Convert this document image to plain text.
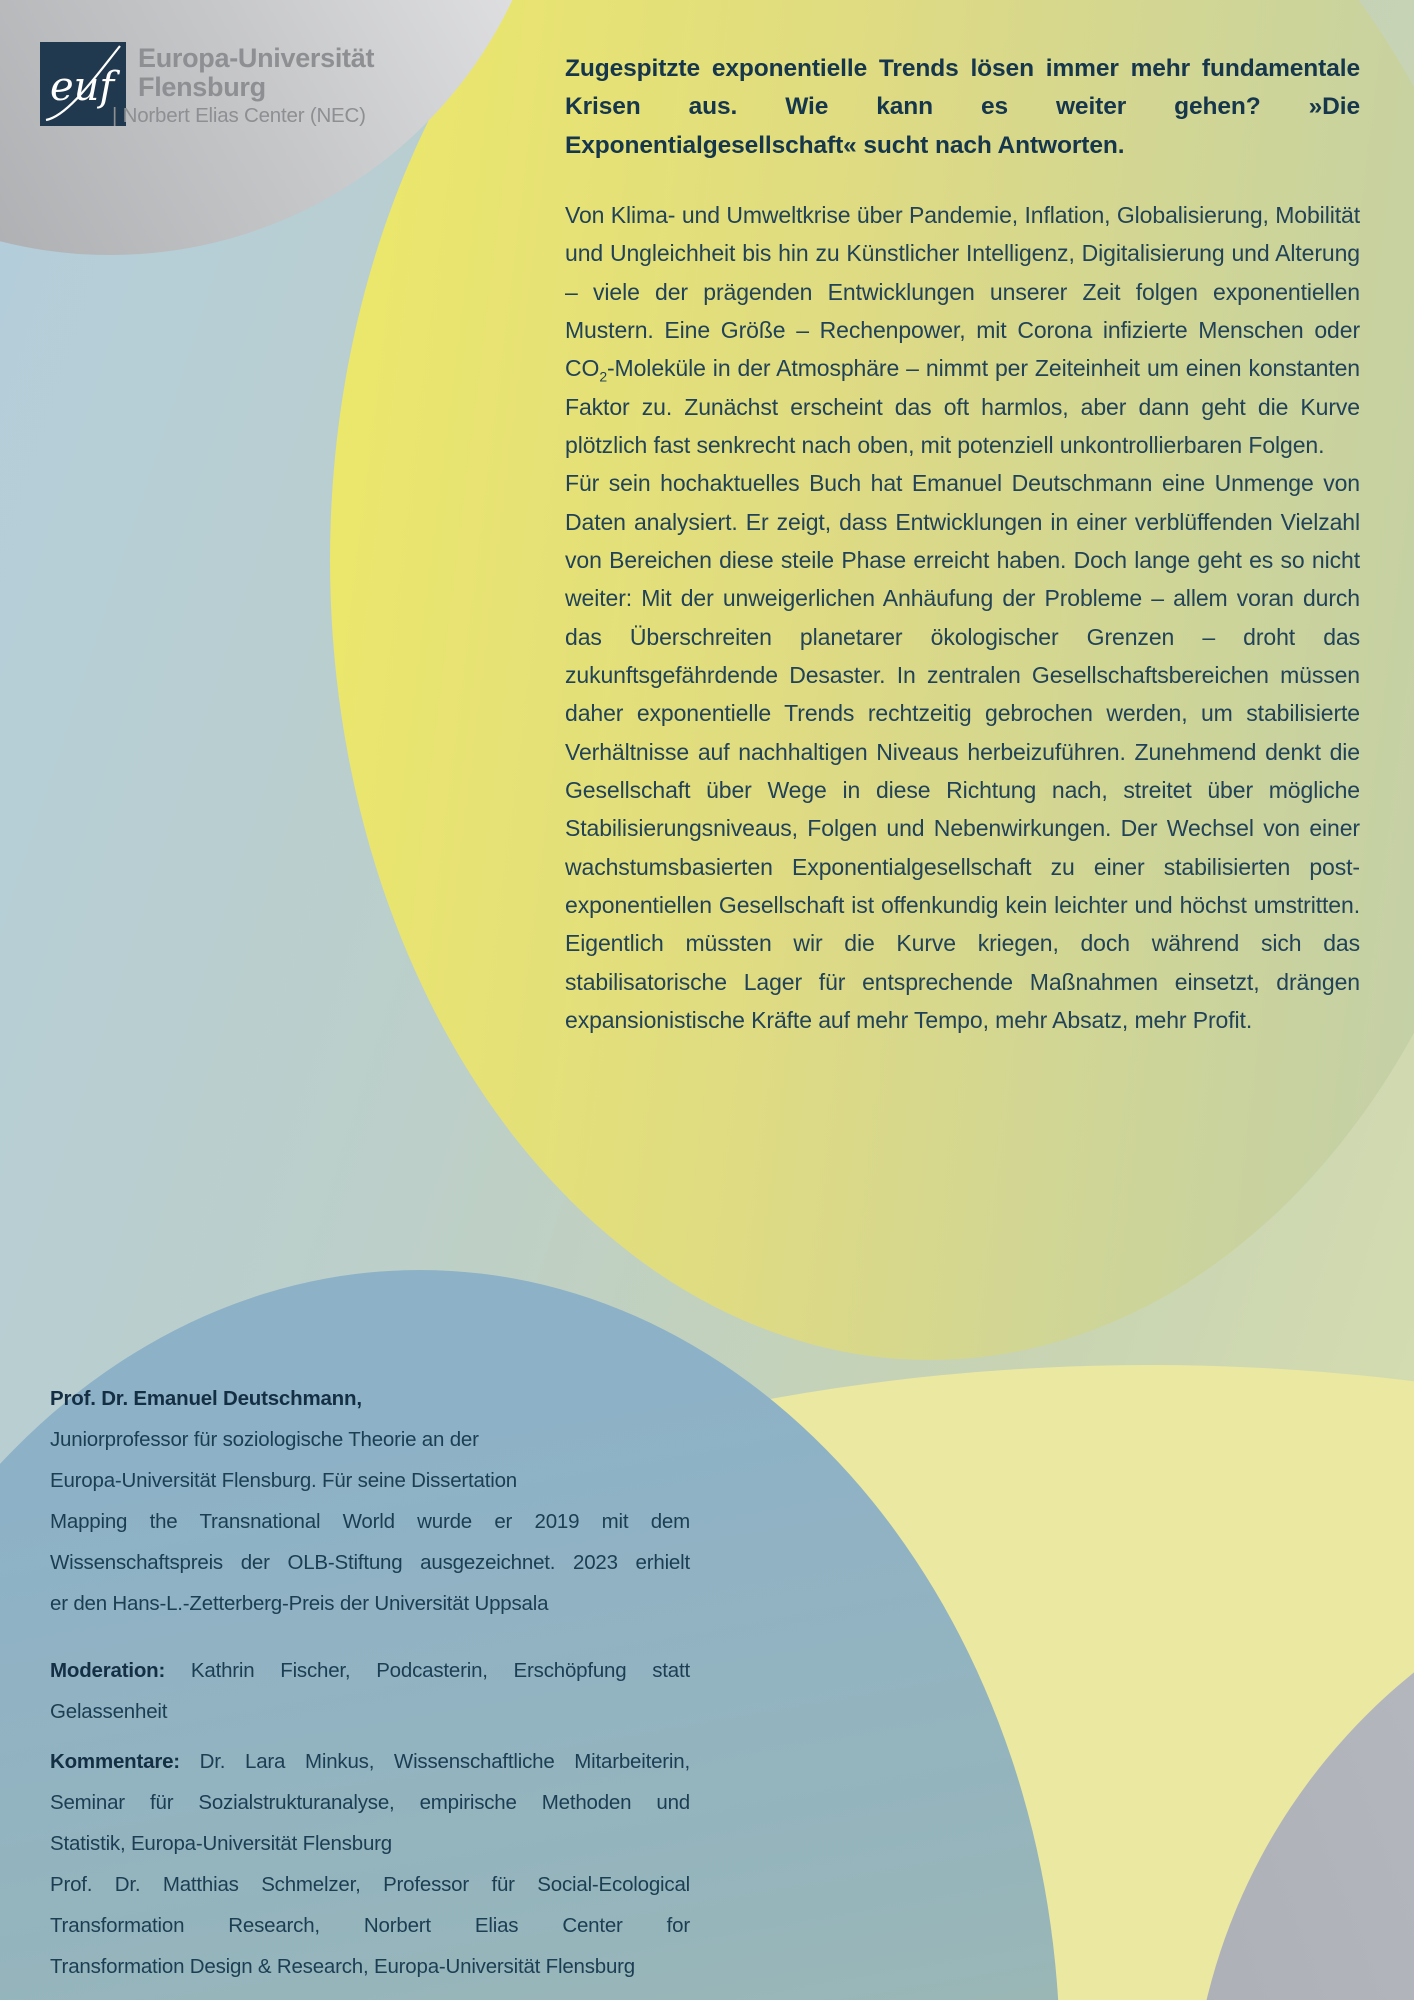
euf
Europa-Universität
Flensburg
| Norbert Elias Center (NEC)
Zugespitzte exponentielle Trends lösen immer mehr fundamentale Krisen aus. Wie kann es weiter gehen? »Die Exponentialgesellschaft« sucht nach Antworten.

Von Klima- und Umweltkrise über Pandemie, Inflation, Globalisierung, Mobilität und Ungleichheit bis hin zu Künstlicher Intelligenz, Digitalisierung und Alterung – viele der prägenden Entwicklungen unserer Zeit folgen exponentiellen Mustern. Eine Größe – Rechenpower, mit Corona infizierte Menschen oder $CO_2$-Moleküle in der Atmosphäre – nimmt per Zeiteinheit um einen konstanten Faktor zu. Zunächst erscheint das oft harmlos, aber dann geht die Kurve plötzlich fast senkrecht nach oben, mit potenziell unkontrollierbaren Folgen.

Für sein hochaktuelles Buch hat Emanuel Deutschmann eine Unmenge von Daten analysiert. Er zeigt, dass Entwicklungen in einer verblüffenden Vielzahl von Bereichen diese steile Phase erreicht haben. Doch lange geht es so nicht weiter: Mit der unweigerlichen Anhäufung der Probleme – allem voran durch das Überschreiten planetarer ökologischer Grenzen – droht das zukunftsgefährdende Desaster. In zentralen Gesellschaftsbereichen müssen daher exponentielle Trends rechtzeitig gebrochen werden, um stabilisierte Verhältnisse auf nachhaltigen Niveaus herbeizuführen. Zunehmend denkt die Gesellschaft über Wege in diese Richtung nach, streitet über mögliche Stabilisierungsniveaus, Folgen und Nebenwirkungen. Der Wechsel von einer wachstumsbasierten Exponentialgesellschaft zu einer stabilisierten post-exponentiellen Gesellschaft ist offenkundig kein leichter und höchst umstritten. Eigentlich müssten wir die Kurve kriegen, doch während sich das stabilisatorische Lager für entsprechende Maßnahmen einsetzt, drängen expansionistische Kräfte auf mehr Tempo, mehr Absatz, mehr Profit.

Prof. Dr. Emanuel Deutschmann,
Juniorprofessor für soziologische Theorie an der
Europa-Universität Flensburg. Für seine Dissertation
Mapping the Transnational World wurde er 2019 mit dem
Wissenschaftspreis der OLB-Stiftung ausgezeichnet. 2023 erhielt
er den Hans-L.-Zetterberg-Preis der Universität Uppsala
Moderation: Kathrin Fischer, Podcasterin, Erschöpfung statt
Gelassenheit
Kommentare: Dr. Lara Minkus, Wissenschaftliche Mitarbeiterin,
Seminar für Sozialstrukturanalyse, empirische Methoden und
Statistik, Europa-Universität Flensburg
Prof. Dr. Matthias Schmelzer, Professor für Social-Ecological
Transformation Research, Norbert Elias Center for
Transformation Design & Research, Europa-Universität Flensburg
